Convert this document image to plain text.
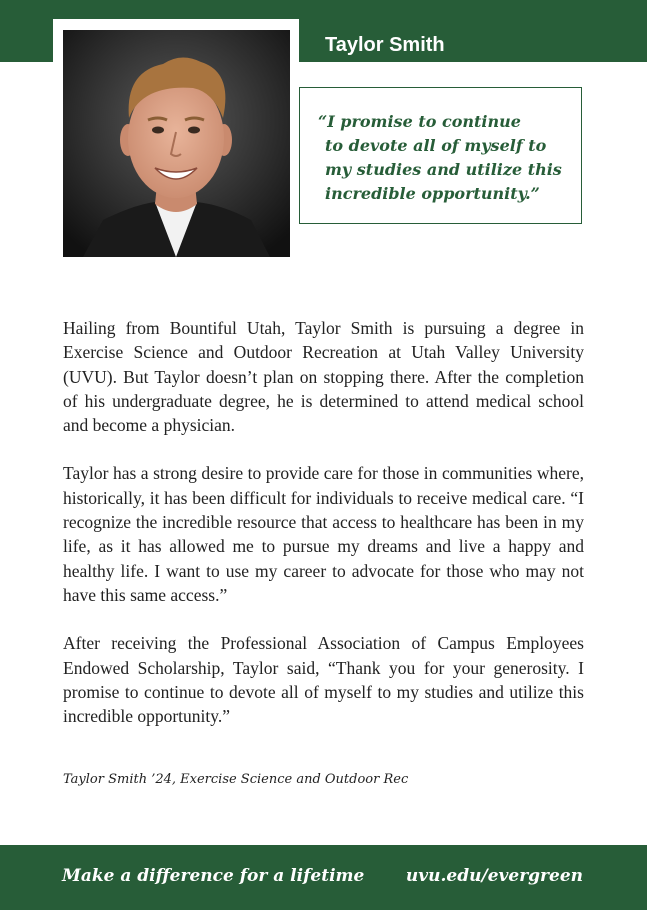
Taylor Smith
“I promise to continue
to devote all of myself to
my studies and utilize this
incredible opportunity.”

Hailing from Bountiful Utah, Taylor Smith is pursuing a degree in Exercise Science and Outdoor Recreation at Utah Valley University (UVU). But Taylor doesn’t plan on stopping there. After the completion of his undergraduate degree, he is determined to attend medical school and become a physician.

Taylor has a strong desire to provide care for those in communities where, historically, it has been difficult for individuals to receive medical care. “I recognize the incredible resource that access to healthcare has been in my life, as it has allowed me to pursue my dreams and live a happy and healthy life. I want to use my career to advocate for those who may not have this same access.”

After receiving the Professional Association of Campus Employees Endowed Scholarship, Taylor said, “Thank you for your generosity. I promise to continue to devote all of myself to my studies and utilize this incredible opportunity.”

Taylor Smith ’24, Exercise Science and Outdoor Rec
Make a difference for a lifetime uvu.edu/evergreen
